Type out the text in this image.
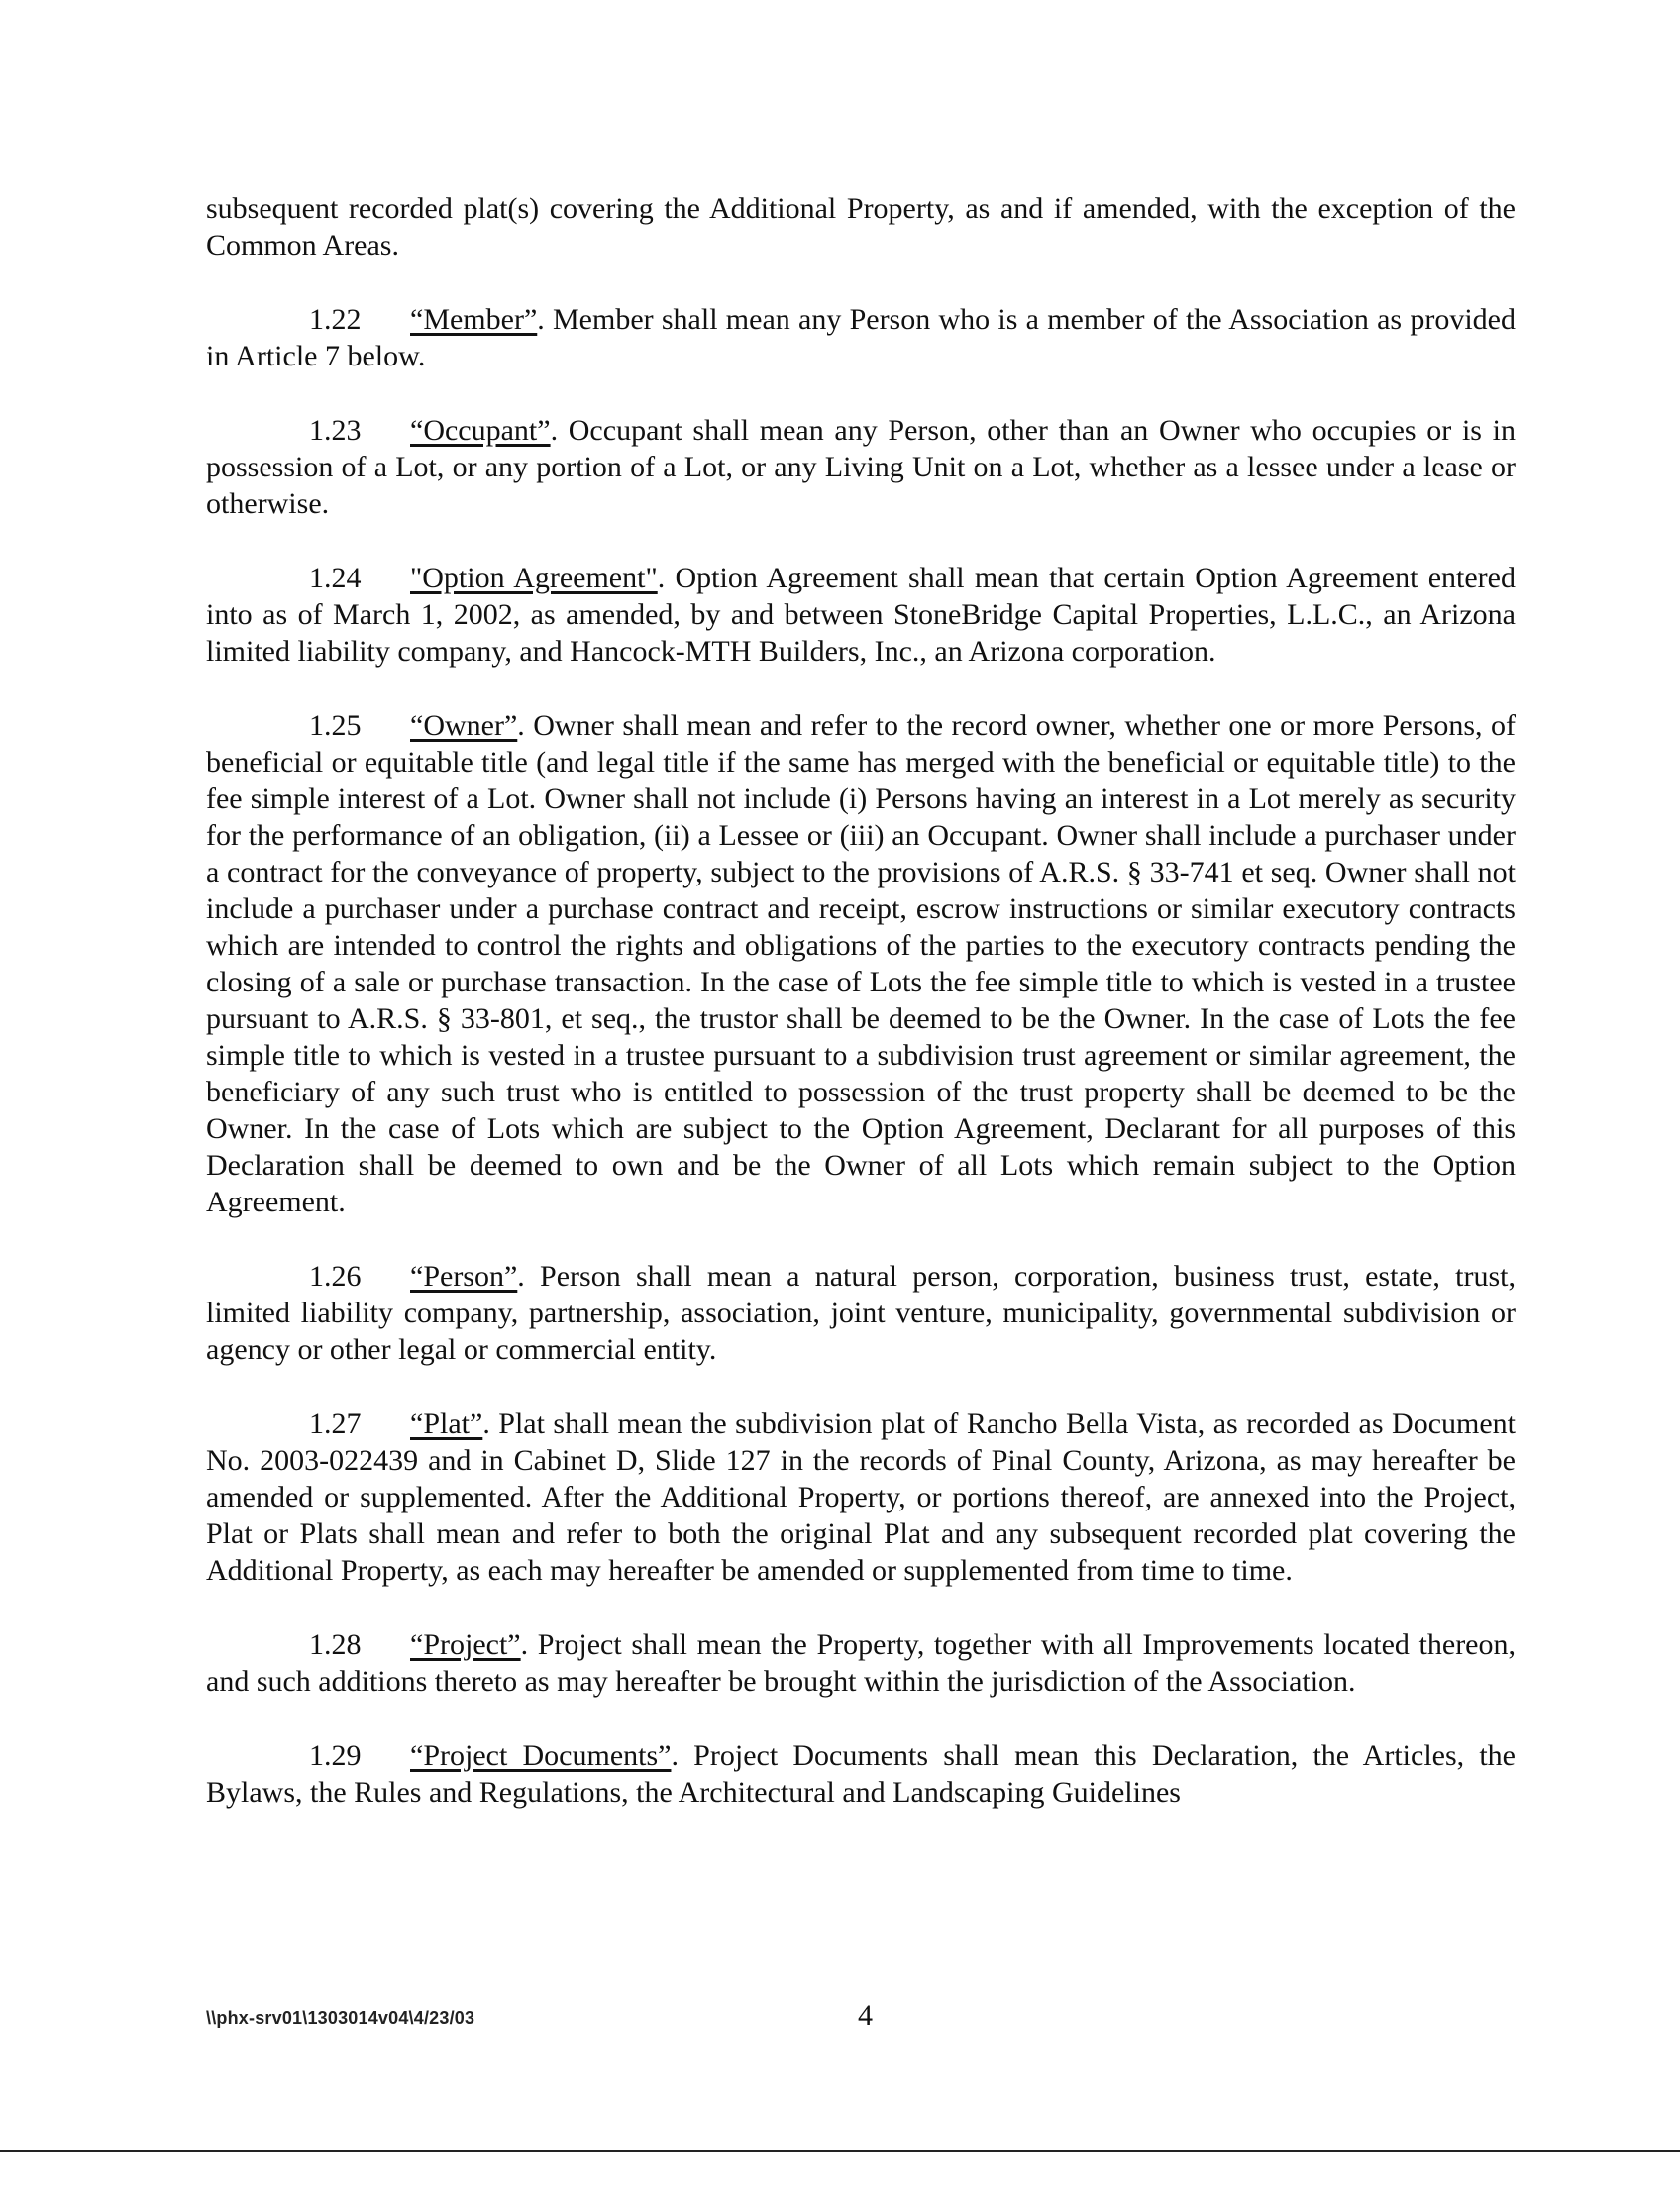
subsequent recorded plat(s) covering the Additional Property, as and if amended, with the exception of the Common Areas.

1.22 “Member”. Member shall mean any Person who is a member of the Association as provided in Article 7 below.

1.23 “Occupant”. Occupant shall mean any Person, other than an Owner who occupies or is in possession of a Lot, or any portion of a Lot, or any Living Unit on a Lot, whether as a lessee under a lease or otherwise.

1.24 "Option Agreement". Option Agreement shall mean that certain Option Agreement entered into as of March 1, 2002, as amended, by and between StoneBridge Capital Properties, L.L.C., an Arizona limited liability company, and Hancock-MTH Builders, Inc., an Arizona corporation.

1.25 “Owner”. Owner shall mean and refer to the record owner, whether one or more Persons, of beneficial or equitable title (and legal title if the same has merged with the beneficial or equitable title) to the fee simple interest of a Lot. Owner shall not include (i) Persons having an interest in a Lot merely as security for the performance of an obligation, (ii) a Lessee or (iii) an Occupant. Owner shall include a purchaser under a contract for the conveyance of property, subject to the provisions of A.R.S. § 33-741 et seq. Owner shall not include a purchaser under a purchase contract and receipt, escrow instructions or similar executory contracts which are intended to control the rights and obligations of the parties to the executory contracts pending the closing of a sale or purchase transaction. In the case of Lots the fee simple title to which is vested in a trustee pursuant to A.R.S. § 33-801, et seq., the trustor shall be deemed to be the Owner. In the case of Lots the fee simple title to which is vested in a trustee pursuant to a subdivision trust agreement or similar agreement, the beneficiary of any such trust who is entitled to possession of the trust property shall be deemed to be the Owner. In the case of Lots which are subject to the Option Agreement, Declarant for all purposes of this Declaration shall be deemed to own and be the Owner of all Lots which remain subject to the Option Agreement.

1.26 “Person”. Person shall mean a natural person, corporation, business trust, estate, trust, limited liability company, partnership, association, joint venture, municipality, governmental subdivision or agency or other legal or commercial entity.

1.27 “Plat”. Plat shall mean the subdivision plat of Rancho Bella Vista, as recorded as Document No. 2003-022439 and in Cabinet D, Slide 127 in the records of Pinal County, Arizona, as may hereafter be amended or supplemented. After the Additional Property, or portions thereof, are annexed into the Project, Plat or Plats shall mean and refer to both the original Plat and any subsequent recorded plat covering the Additional Property, as each may hereafter be amended or supplemented from time to time.

1.28 “Project”. Project shall mean the Property, together with all Improvements located thereon, and such additions thereto as may hereafter be brought within the jurisdiction of the Association.

1.29 “Project Documents”. Project Documents shall mean this Declaration, the Articles, the Bylaws, the Rules and Regulations, the Architectural and Landscaping Guidelines

\\phx-srv01\1303014v04\4/23/03	4
